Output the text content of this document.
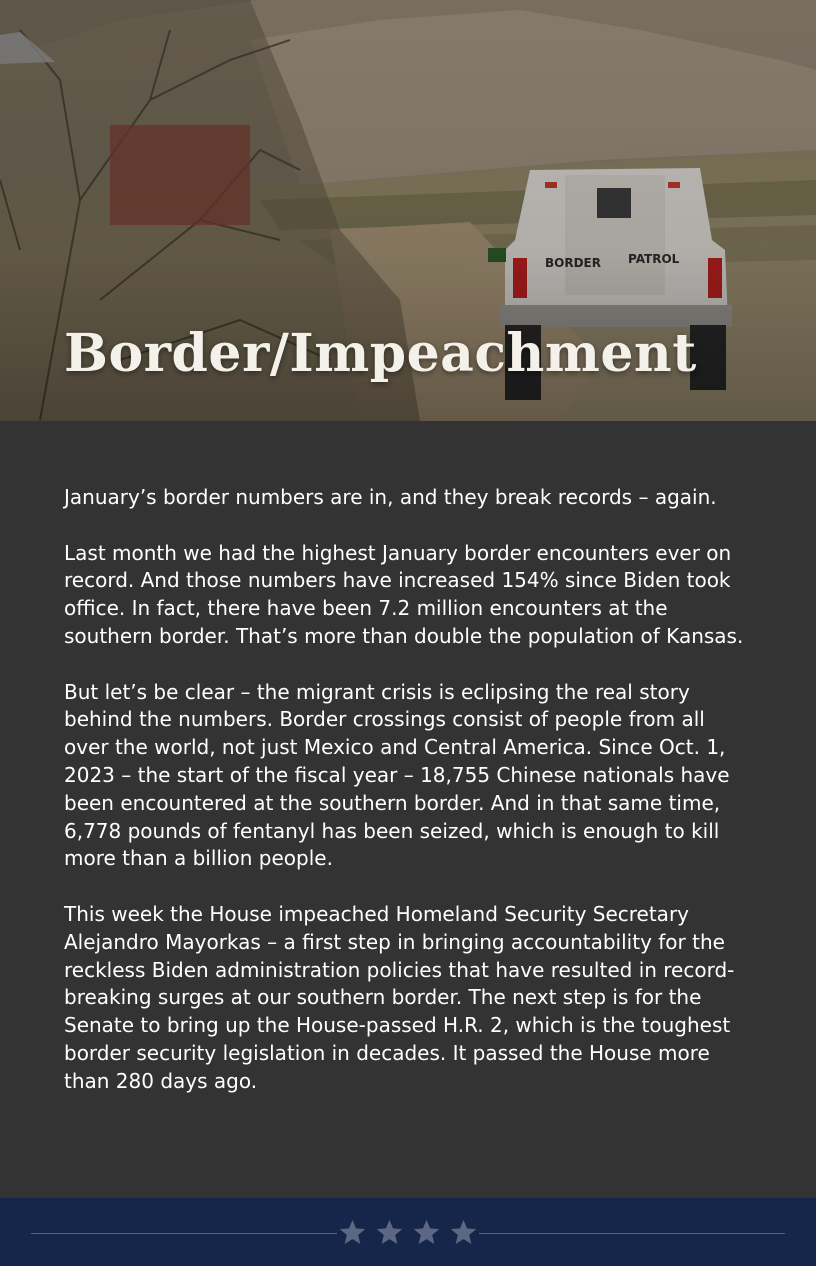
Border/Impeachment

January’s border numbers are in, and they break records – again.

Last month we had the highest January border encounters ever on record. And those numbers have increased 154% since Biden took office. In fact, there have been 7.2 million encounters at the southern border. That’s more than double the population of Kansas.

But let’s be clear – the migrant crisis is eclipsing the real story behind the numbers. Border crossings consist of people from all over the world, not just Mexico and Central America. Since Oct. 1, 2023 – the start of the fiscal year – 18,755 Chinese nationals have been encountered at the southern border. And in that same time, 6,778 pounds of fentanyl has been seized, which is enough to kill more than a billion people.

This week the House impeached Homeland Security Secretary Alejandro Mayorkas – a first step in bringing accountability for the reckless Biden administration policies that have resulted in record-breaking surges at our southern border. The next step is for the Senate to bring up the House-passed H.R. 2, which is the toughest border security legislation in decades. It passed the House more than 280 days ago.
